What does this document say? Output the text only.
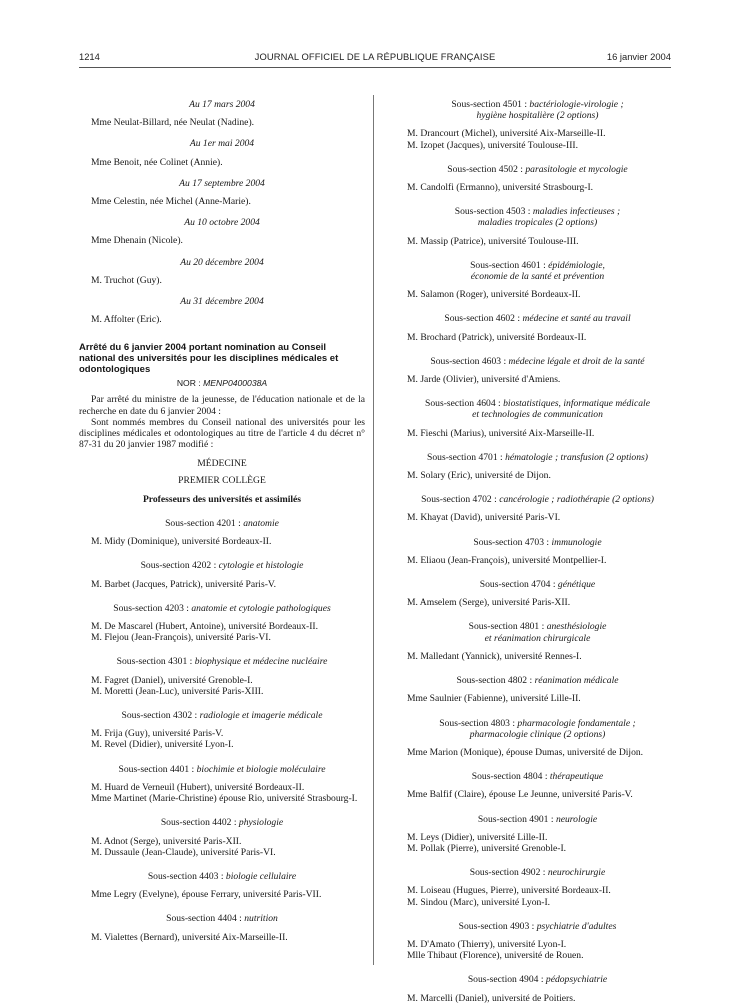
1214	JOURNAL OFFICIEL DE LA RÉPUBLIQUE FRANÇAISE	16 janvier 2004
Au 17 mars 2004
Mme Neulat-Billard, née Neulat (Nadine).
Au 1er mai 2004
Mme Benoit, née Colinet (Annie).
Au 17 septembre 2004
Mme Celestin, née Michel (Anne-Marie).
Au 10 octobre 2004
Mme Dhenain (Nicole).
Au 20 décembre 2004
M. Truchot (Guy).
Au 31 décembre 2004
M. Affolter (Eric).
Arrêté du 6 janvier 2004 portant nomination au Conseil national des universités pour les disciplines médicales et odontologiques
NOR : MENP0400038A

Par arrêté du ministre de la jeunesse, de l'éducation nationale et de la recherche en date du 6 janvier 2004 :

Sont nommés membres du Conseil national des universités pour les disciplines médicales et odontologiques au titre de l'article 4 du décret n° 87-31 du 20 janvier 1987 modifié :

MÉDECINE
PREMIER COLLÈGE
Professeurs des universités et assimilés
Sous-section 4201 : anatomie
M. Midy (Dominique), université Bordeaux-II.
Sous-section 4202 : cytologie et histologie
M. Barbet (Jacques, Patrick), université Paris-V.
Sous-section 4203 : anatomie et cytologie pathologiques
M. De Mascarel (Hubert, Antoine), université Bordeaux-II.
M. Flejou (Jean-François), université Paris-VI.
Sous-section 4301 : biophysique et médecine nucléaire
M. Fagret (Daniel), université Grenoble-I.
M. Moretti (Jean-Luc), université Paris-XIII.
Sous-section 4302 : radiologie et imagerie médicale
M. Frija (Guy), université Paris-V.
M. Revel (Didier), université Lyon-I.
Sous-section 4401 : biochimie et biologie moléculaire
M. Huard de Verneuil (Hubert), université Bordeaux-II.
Mme Martinet (Marie-Christine) épouse Rio, université Strasbourg-I.
Sous-section 4402 : physiologie
M. Adnot (Serge), université Paris-XII.
M. Dussaule (Jean-Claude), université Paris-VI.
Sous-section 4403 : biologie cellulaire
Mme Legry (Evelyne), épouse Ferrary, université Paris-VII.
Sous-section 4404 : nutrition
M. Vialettes (Bernard), université Aix-Marseille-II.
Sous-section 4501 : bactériologie-virologie ;
hygiène hospitalière (2 options)
M. Drancourt (Michel), université Aix-Marseille-II.
M. Izopet (Jacques), université Toulouse-III.
Sous-section 4502 : parasitologie et mycologie
M. Candolfi (Ermanno), université Strasbourg-I.
Sous-section 4503 : maladies infectieuses ;
maladies tropicales (2 options)
M. Massip (Patrice), université Toulouse-III.
Sous-section 4601 : épidémiologie,
économie de la santé et prévention
M. Salamon (Roger), université Bordeaux-II.
Sous-section 4602 : médecine et santé au travail
M. Brochard (Patrick), université Bordeaux-II.
Sous-section 4603 : médecine légale et droit de la santé
M. Jarde (Olivier), université d'Amiens.
Sous-section 4604 : biostatistiques, informatique médicale
et technologies de communication
M. Fieschi (Marius), université Aix-Marseille-II.
Sous-section 4701 : hématologie ; transfusion (2 options)
M. Solary (Eric), université de Dijon.
Sous-section 4702 : cancérologie ; radiothérapie (2 options)
M. Khayat (David), université Paris-VI.
Sous-section 4703 : immunologie
M. Eliaou (Jean-François), université Montpellier-I.
Sous-section 4704 : génétique
M. Amselem (Serge), université Paris-XII.
Sous-section 4801 : anesthésiologie
et réanimation chirurgicale
M. Malledant (Yannick), université Rennes-I.
Sous-section 4802 : réanimation médicale
Mme Saulnier (Fabienne), université Lille-II.
Sous-section 4803 : pharmacologie fondamentale ;
pharmacologie clinique (2 options)
Mme Marion (Monique), épouse Dumas, université de Dijon.
Sous-section 4804 : thérapeutique
Mme Balfif (Claire), épouse Le Jeunne, université Paris-V.
Sous-section 4901 : neurologie
M. Leys (Didier), université Lille-II.
M. Pollak (Pierre), université Grenoble-I.
Sous-section 4902 : neurochirurgie
M. Loiseau (Hugues, Pierre), université Bordeaux-II.
M. Sindou (Marc), université Lyon-I.
Sous-section 4903 : psychiatrie d'adultes
M. D'Amato (Thierry), université Lyon-I.
Mlle Thibaut (Florence), université de Rouen.
Sous-section 4904 : pédopsychiatrie
M. Marcelli (Daniel), université de Poitiers.
